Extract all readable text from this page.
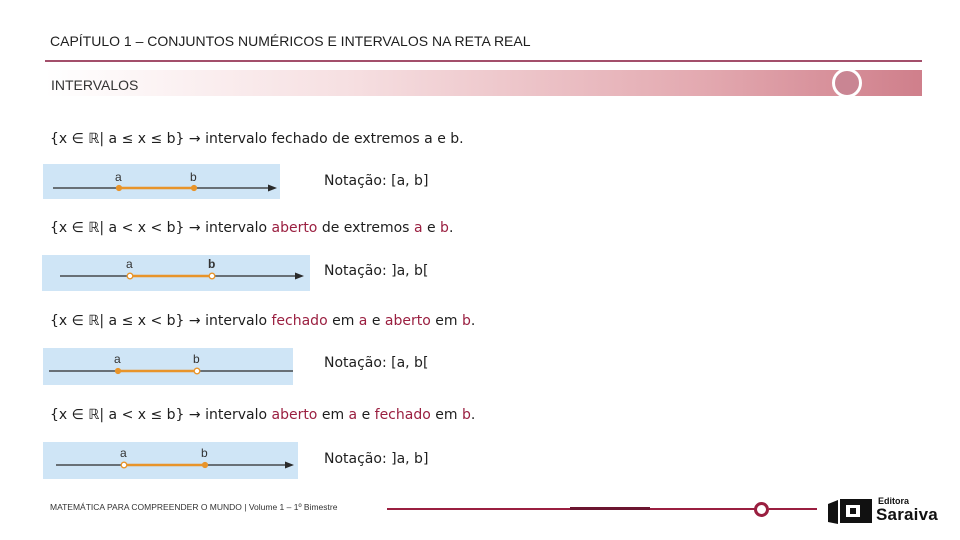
CAPÍTULO 1 – CONJUNTOS NUMÉRICOS E INTERVALOS NA RETA REAL
INTERVALOS
{x ∈ ℝ| a ≤ x ≤ b} → intervalo fechado de extremos a e b.
a	b	Notação: [a, b]
{x ∈ ℝ| a < x < b} → intervalo aberto de extremos a e b.
a	b	Notação: ]a, b[
{x ∈ ℝ| a ≤ x < b} → intervalo fechado em a e aberto em b.
a	b	Notação: [a, b[
{x ∈ ℝ| a < x ≤ b} → intervalo aberto em a e fechado em b.
a	b	Notação: ]a, b]
MATEMÁTICA PARA COMPREENDER O MUNDO | Volume 1 – 1º Bimestre
Editora
Saraiva
